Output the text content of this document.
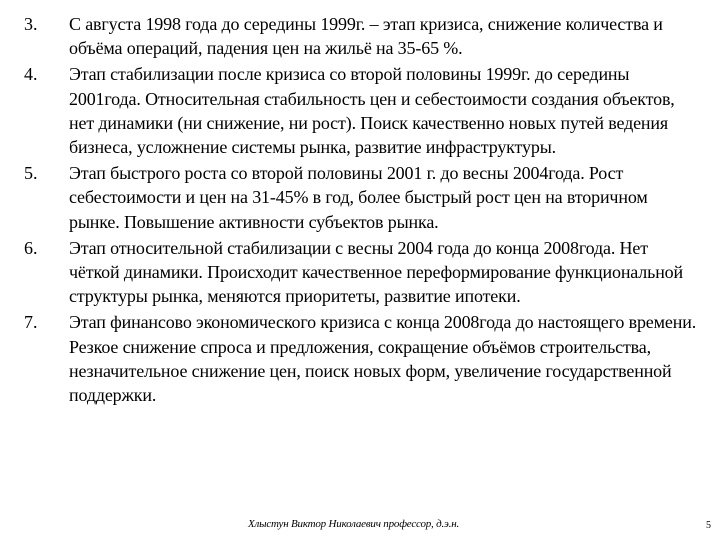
3.	С августа 1998 года до середины 1999г. – этап кризиса, снижение количества и объёма операций, падения цен на жильё на 35-65 %.
4.	Этап стабилизации после кризиса со второй половины 1999г. до середины 2001года. Относительная стабильность цен и себестоимости создания объектов, нет динамики (ни снижение, ни рост). Поиск качественно новых путей ведения бизнеса, усложнение системы рынка, развитие инфраструктуры.
5.	Этап быстрого роста со второй половины 2001 г. до весны 2004года. Рост себестоимости и цен на 31-45% в год, более быстрый рост цен на вторичном рынке. Повышение активности субъектов рынка.
6.	Этап относительной стабилизации с весны 2004 года до конца 2008года. Нет чёткой динамики. Происходит качественное переформирование функциональной структуры рынка, меняются приоритеты, развитие ипотеки.
7.	Этап финансово экономического кризиса с конца 2008года до настоящего времени. Резкое снижение спроса и предложения, сокращение объёмов строительства, незначительное снижение цен, поиск новых форм, увеличение государственной поддержки.
Хлыстун Виктор Николаевич профессор, д.э.н.	5
